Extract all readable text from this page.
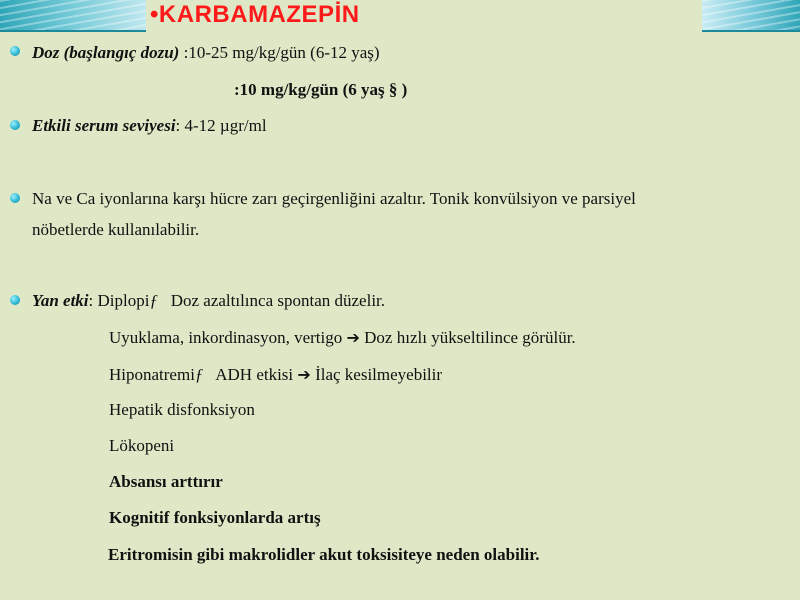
•KARBAMAZEPİN
Doz (başlangıç dozu) :10-25 mg/kg/gün (6-12 yaş)
:10 mg/kg/gün (6 yaş § )
Etkili serum seviyesi: 4-12 µgr/ml
Na ve Ca iyonlarına karşı hücre zarı geçirgenliğini azaltır. Tonik konvülsiyon ve parsiyel
nöbetlerde kullanılabilir.
Yan etki: Diplopiƒ   Doz azaltılınca spontan düzelir.
Uyuklama, inkordinasyon, vertigo ➔ Doz hızlı yükseltilince görülür.
Hiponatremiƒ   ADH etkisi ➔ İlaç kesilmeyebilir
Hepatik disfonksiyon
Lökopeni
Absansı arttırır
Kognitif fonksiyonlarda artış
Eritromisin gibi makrolidler akut toksisiteye neden olabilir.
